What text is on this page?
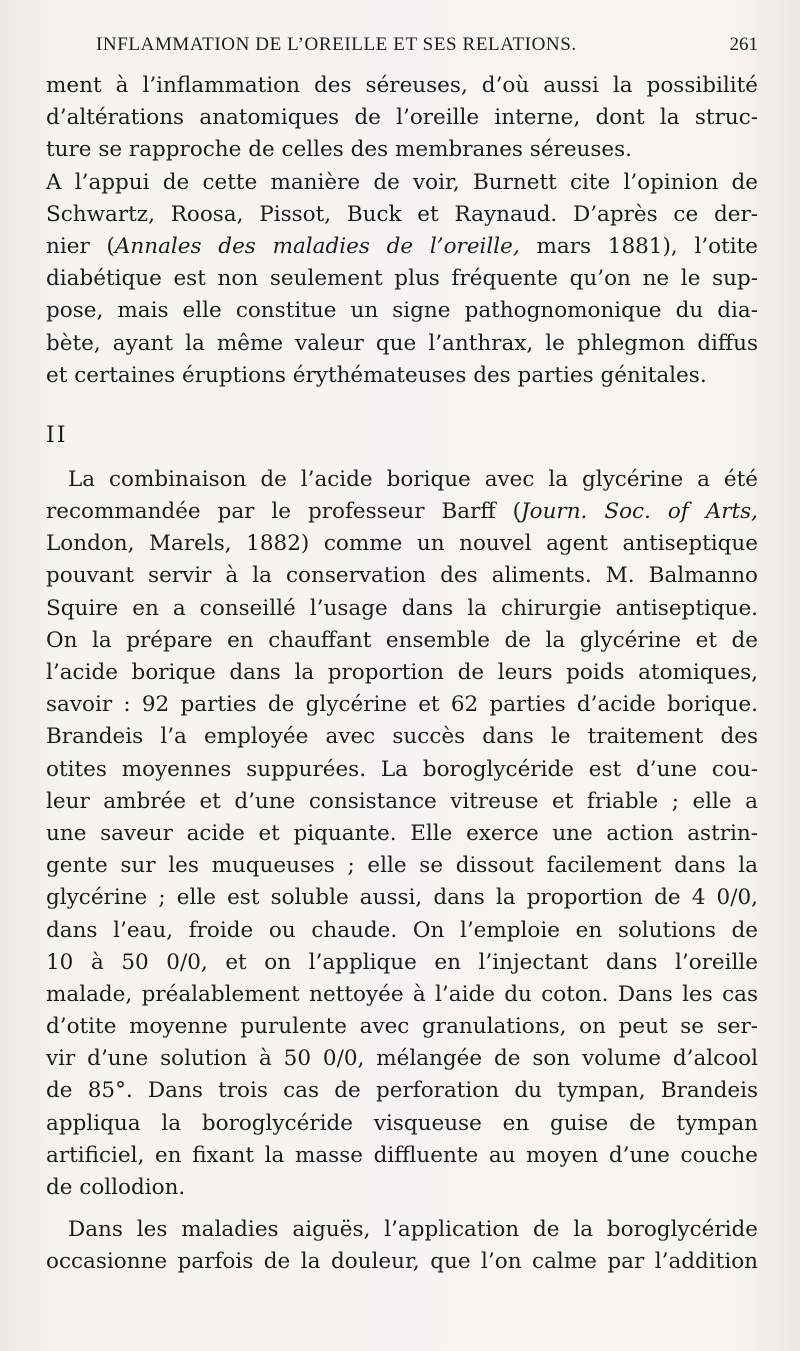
INFLAMMATION DE L’OREILLE ET SES RELATIONS.	261
ment à l’inflammation des séreuses, d’où aussi la possibilité
d’altérations anatomiques de l’oreille interne, dont la struc-
ture se rapproche de celles des membranes séreuses.
A l’appui de cette manière de voir, Burnett cite l’opinion de
Schwartz, Roosa, Pissot, Buck et Raynaud. D’après ce der-
nier (Annales des maladies de l’oreille, mars 1881), l’otite
diabétique est non seulement plus fréquente qu’on ne le sup-
pose, mais elle constitue un signe pathognomonique du dia-
bète, ayant la même valeur que l’anthrax, le phlegmon diffus
et certaines éruptions érythémateuses des parties génitales.
II
La combinaison de l’acide borique avec la glycérine a été
recommandée par le professeur Barff (Journ. Soc. of Arts,
London, Marels, 1882) comme un nouvel agent antiseptique
pouvant servir à la conservation des aliments. M. Balmanno
Squire en a conseillé l’usage dans la chirurgie antiseptique.
On la prépare en chauffant ensemble de la glycérine et de
l’acide borique dans la proportion de leurs poids atomiques,
savoir : 92 parties de glycérine et 62 parties d’acide borique.
Brandeis l’a employée avec succès dans le traitement des
otites moyennes suppurées. La boroglycéride est d’une cou-
leur ambrée et d’une consistance vitreuse et friable ; elle a
une saveur acide et piquante. Elle exerce une action astrin-
gente sur les muqueuses ; elle se dissout facilement dans la
glycérine ; elle est soluble aussi, dans la proportion de 4 0/0,
dans l’eau, froide ou chaude. On l’emploie en solutions de
10 à 50 0/0, et on l’applique en l’injectant dans l’oreille
malade, préalablement nettoyée à l’aide du coton. Dans les cas
d’otite moyenne purulente avec granulations, on peut se ser-
vir d’une solution à 50 0/0, mélangée de son volume d’alcool
de 85°. Dans trois cas de perforation du tympan, Brandeis
appliqua la boroglycéride visqueuse en guise de tympan
artificiel, en fixant la masse diffluente au moyen d’une couche
de collodion.
Dans les maladies aiguës, l’application de la boroglycéride
occasionne parfois de la douleur, que l’on calme par l’addition
